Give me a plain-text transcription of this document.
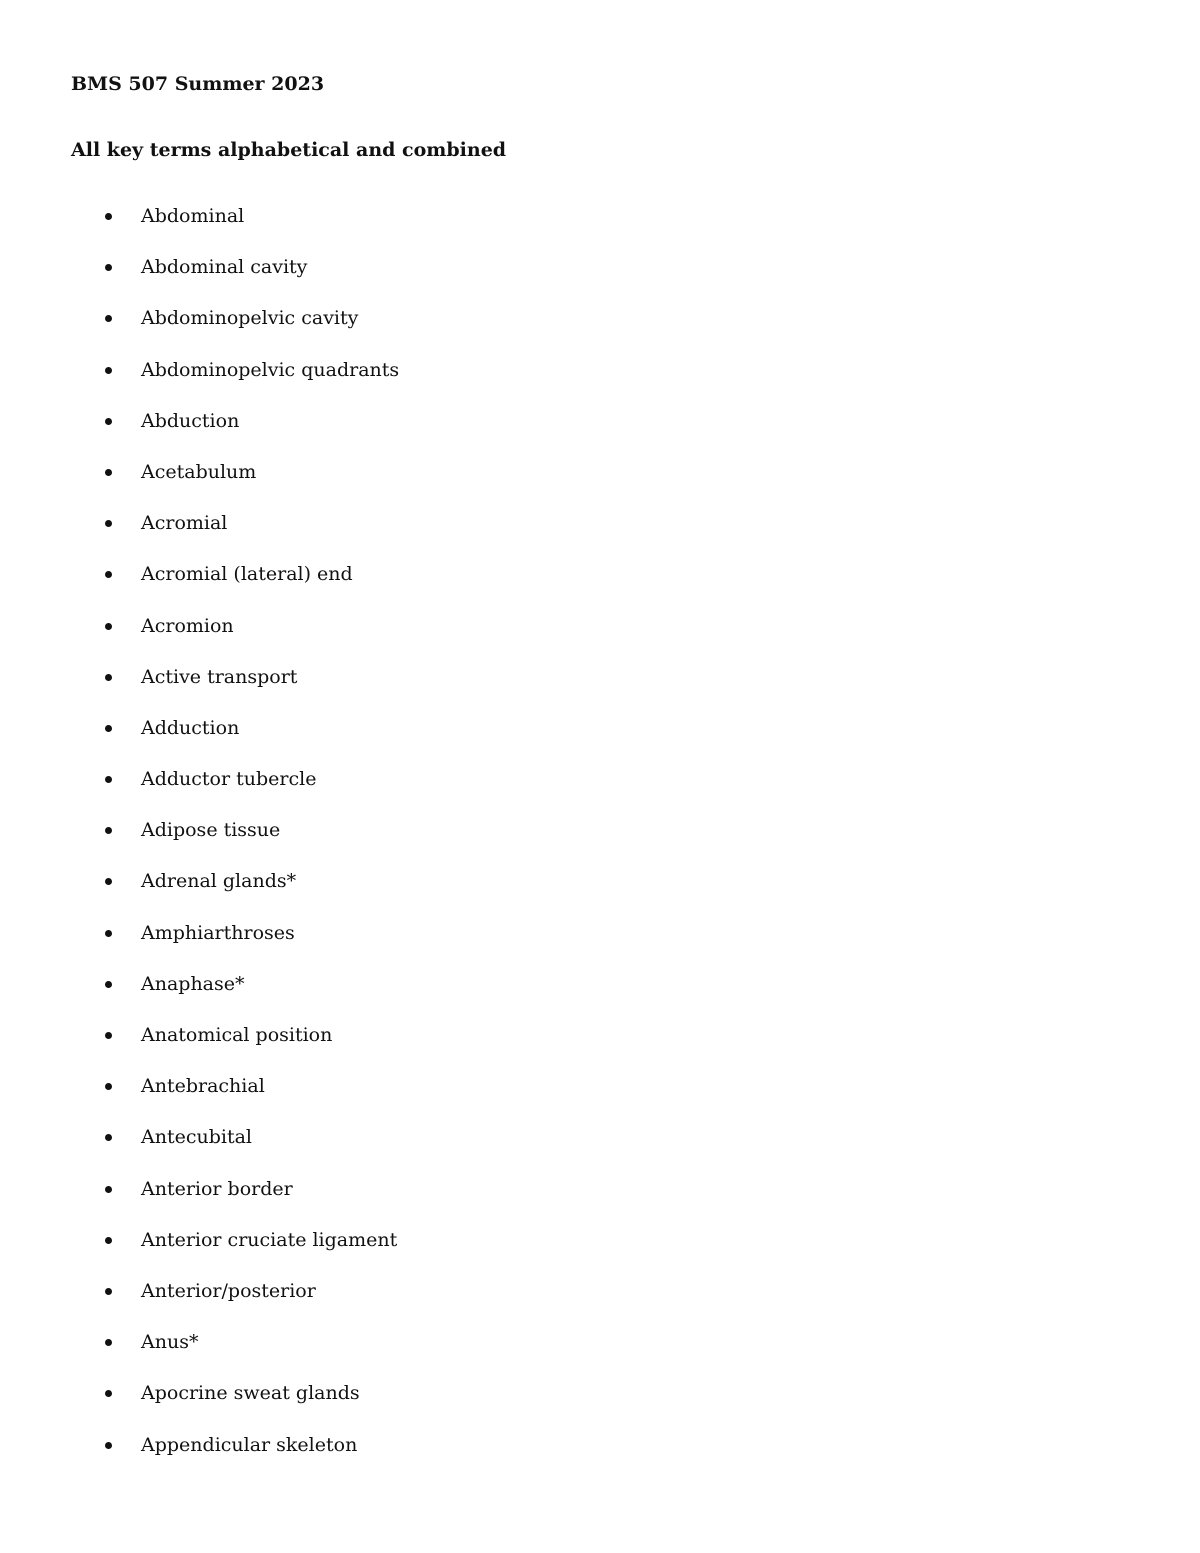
BMS 507 Summer 2023
All key terms alphabetical and combined
Abdominal
Abdominal cavity
Abdominopelvic cavity
Abdominopelvic quadrants
Abduction
Acetabulum
Acromial
Acromial (lateral) end
Acromion
Active transport
Adduction
Adductor tubercle
Adipose tissue
Adrenal glands*
Amphiarthroses
Anaphase*
Anatomical position
Antebrachial
Antecubital
Anterior border
Anterior cruciate ligament
Anterior/posterior
Anus*
Apocrine sweat glands
Appendicular skeleton
